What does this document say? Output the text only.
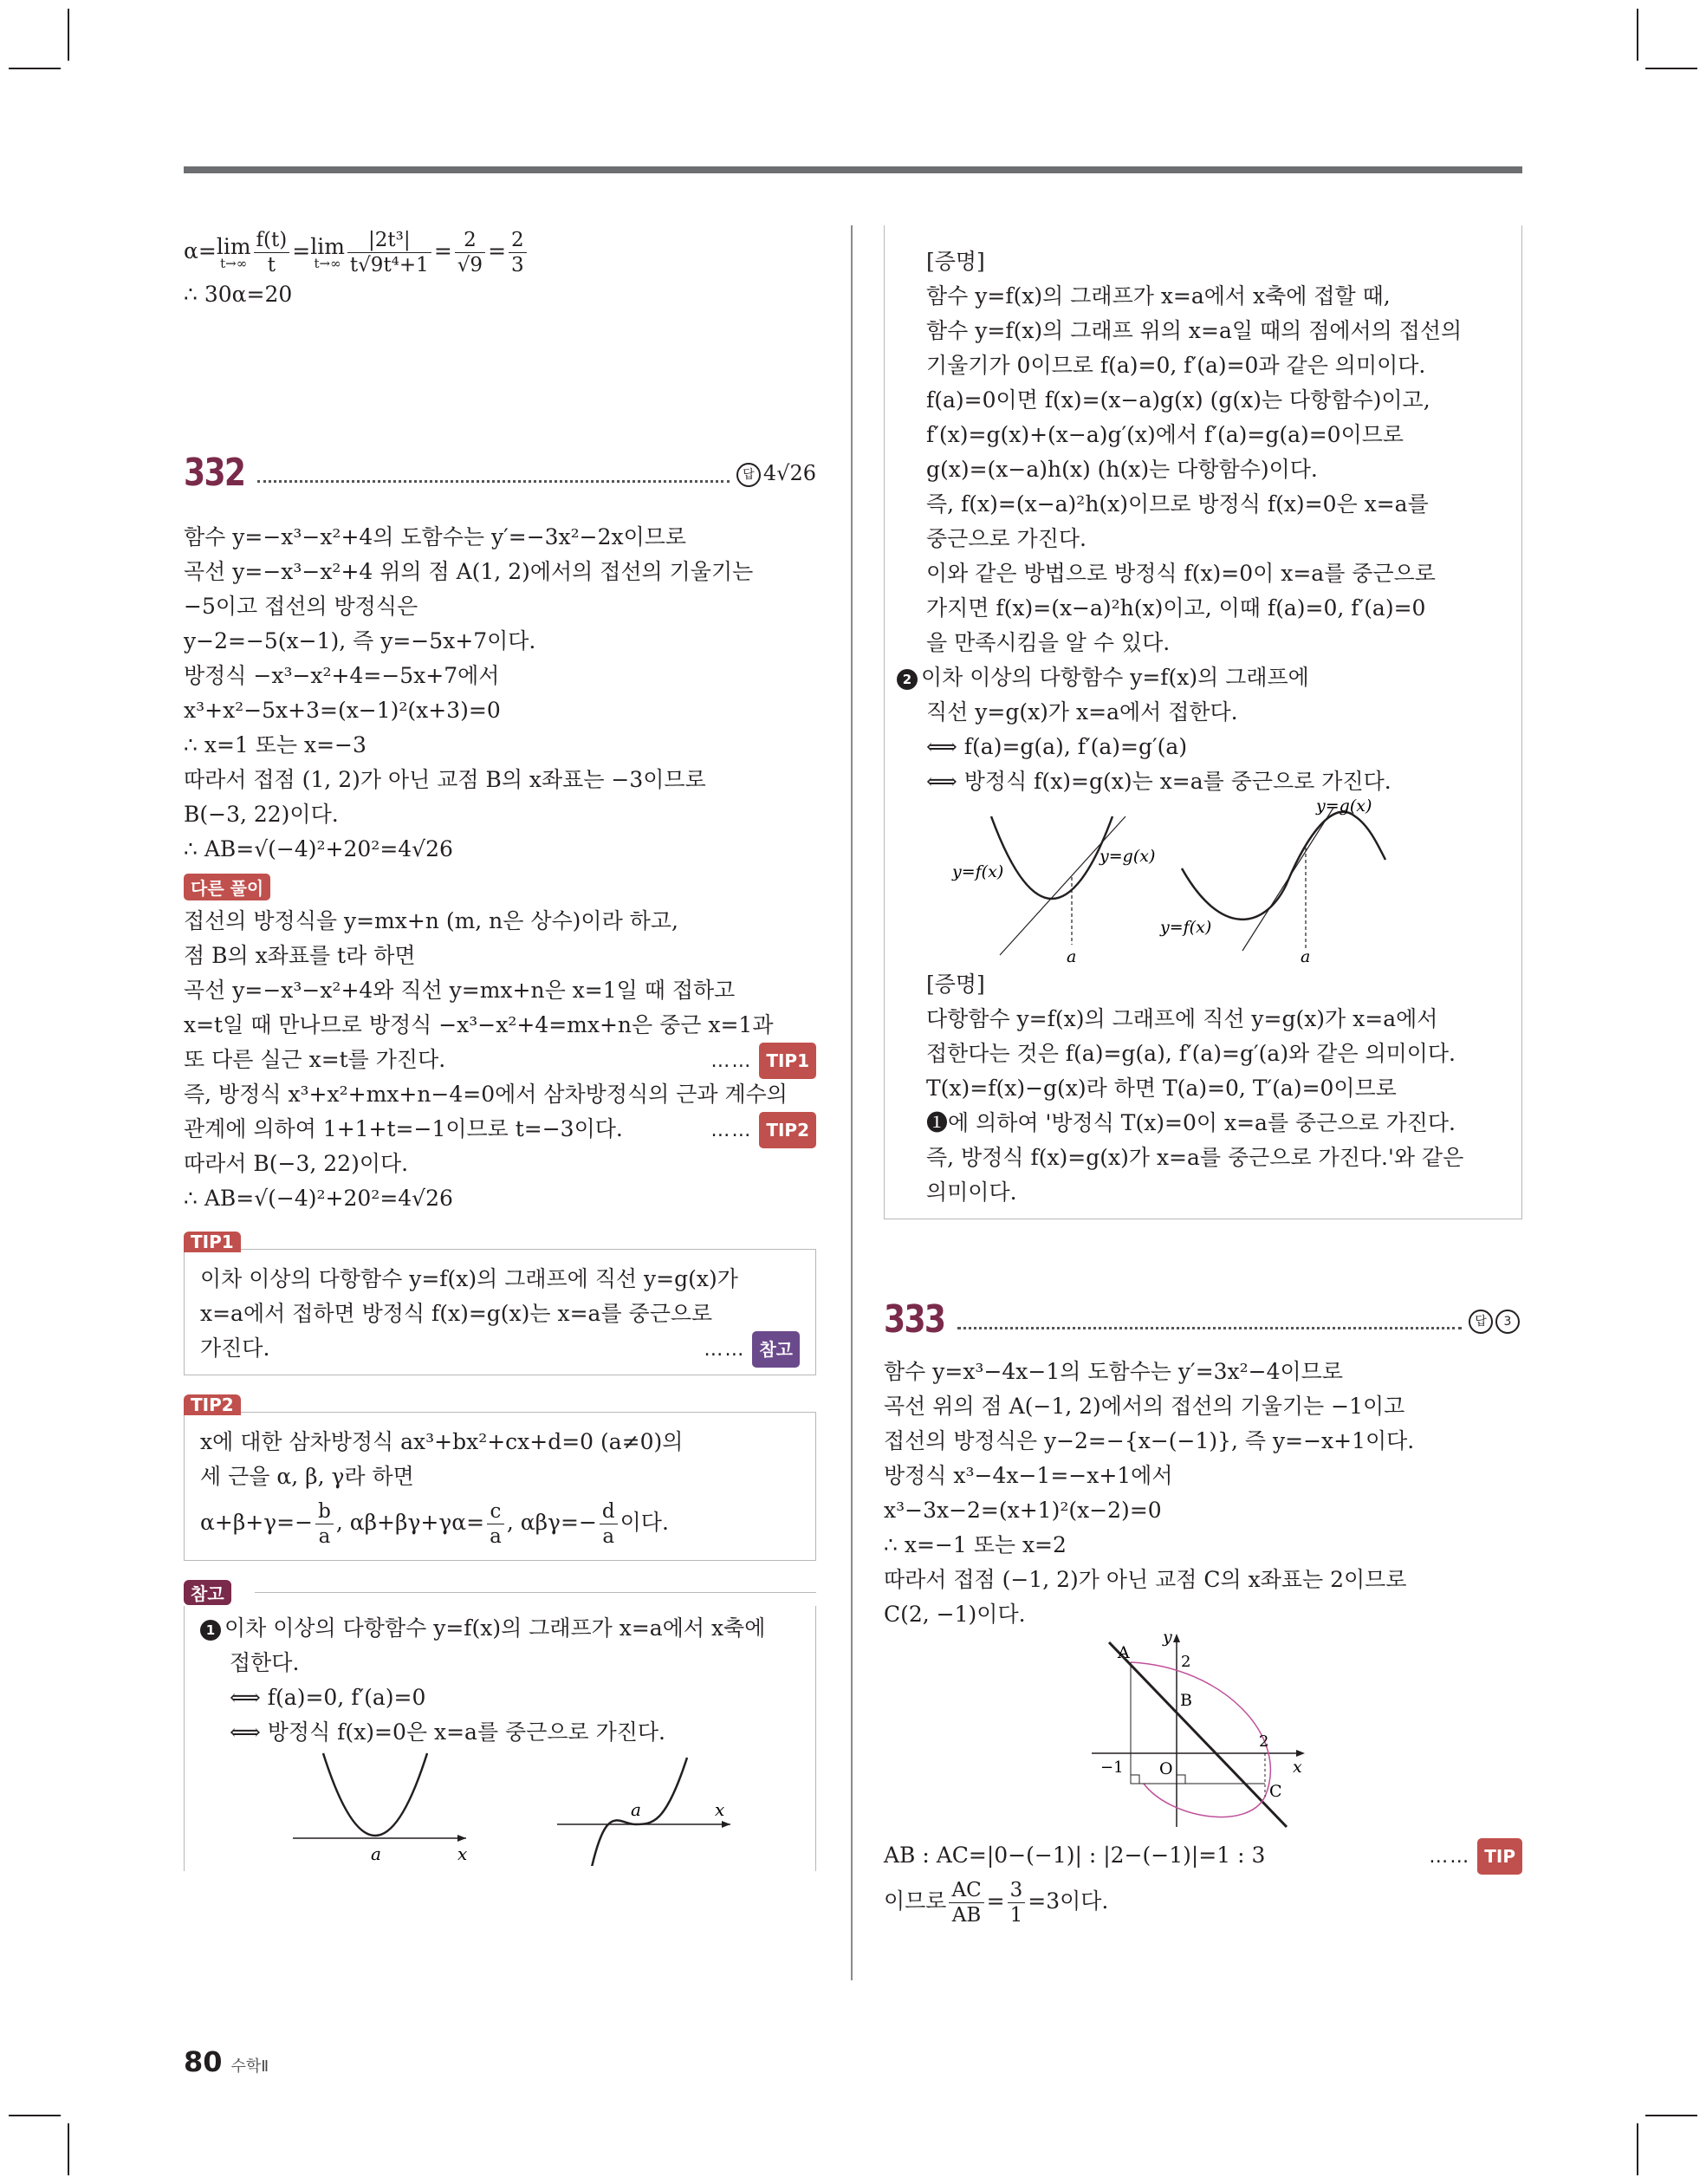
α= lim
$t\to\infty \frac{f(t)}{t} = \lim$
$t\to\infty \frac{\text{|2t³|}}{\text{t√9t⁴+1}} = \frac{2}{√9} = \frac{2}{3}$
∴ 30α=20
332	답 4√26
함수 y=−x³−x²+4의 도함수는 y′=−3x²−2x이므로
곡선 y=−x³−x²+4 위의 점 A(1, 2)에서의 접선의 기울기는
−5이고 접선의 방정식은
y−2=−5(x−1), 즉 y=−5x+7이다.
방정식 −x³−x²+4=−5x+7에서
x³+x²−5x+3=(x−1)²(x+3)=0
∴ x=1 또는 x=−3
따라서 접점 (1, 2)가 아닌 교점 B의 x좌표는 −3이므로
B(−3, 22)이다.
∴ AB=√(−4)²+20²=4√26
다른 풀이
접선의 방정식을 y=mx+n (m, n은 상수)이라 하고,
점 B의 x좌표를 t라 하면
곡선 y=−x³−x²+4와 직선 y=mx+n은 x=1일 때 접하고
x=t일 때 만나므로 방정식 −x³−x²+4=mx+n은 중근 x=1과
또 다른 실근 x=t를 가진다.	…… TIP1
즉, 방정식 x³+x²+mx+n−4=0에서 삼차방정식의 근과 계수의
관계에 의하여 1+1+t=−1이므로 t=−3이다.	…… TIP2
따라서 B(−3, 22)이다.
∴ AB=√(−4)²+20²=4√26
TIP1
이차 이상의 다항함수 y=f(x)의 그래프에 직선 y=g(x)가
x=a에서 접하면 방정식 f(x)=g(x)는 x=a를 중근으로
가진다.	…… 참고
TIP2
x에 대한 삼차방정식 ax³+bx²+cx+d=0 (a≠0)의
세 근을 α, β, γ라 하면
$\alpha+\beta+\gamma=- \frac{b}{a}$ , $\alpha\beta+\beta\gamma+\gamma\alpha= \frac{c}{a}$ , $\alpha\beta\gamma=- \frac{d}{a}$ 이다.
참고
1 이차 이상의 다항함수 y=f(x)의 그래프가 x=a에서 x축에
접한다.
⟺ f(a)=0, f′(a)=0
⟺ 방정식 f(x)=0은 x=a를 중근으로 가진다.
a	x
a	x
[증명]
함수 y=f(x)의 그래프가 x=a에서 x축에 접할 때,
함수 y=f(x)의 그래프 위의 x=a일 때의 점에서의 접선의
기울기가 0이므로 f(a)=0, f′(a)=0과 같은 의미이다.
f(a)=0이면 f(x)=(x−a)g(x) (g(x)는 다항함수)이고,
f′(x)=g(x)+(x−a)g′(x)에서 f′(a)=g(a)=0이므로
g(x)=(x−a)h(x) (h(x)는 다항함수)이다.
즉, f(x)=(x−a)²h(x)이므로 방정식 f(x)=0은 x=a를
중근으로 가진다.
이와 같은 방법으로 방정식 f(x)=0이 x=a를 중근으로
가지면 f(x)=(x−a)²h(x)이고, 이때 f(a)=0, f′(a)=0
을 만족시킴을 알 수 있다.
2 이차 이상의 다항함수 y=f(x)의 그래프에
직선 y=g(x)가 x=a에서 접한다.
⟺ f(a)=g(a), f′(a)=g′(a)
⟺ 방정식 f(x)=g(x)는 x=a를 중근으로 가진다.
y=f(x)
y=g(x)
a
y=g(x)
y=f(x)
a
[증명]
다항함수 y=f(x)의 그래프에 직선 y=g(x)가 x=a에서
접한다는 것은 f(a)=g(a), f′(a)=g′(a)와 같은 의미이다.
T(x)=f(x)−g(x)라 하면 T(a)=0, T′(a)=0이므로
❶에 의하여 '방정식 T(x)=0이 x=a를 중근으로 가진다.
즉, 방정식 f(x)=g(x)가 x=a를 중근으로 가진다.'와 같은
의미이다.
333	답 3
함수 y=x³−4x−1의 도함수는 y′=3x²−4이므로
곡선 위의 점 A(−1, 2)에서의 접선의 기울기는 −1이고
접선의 방정식은 y−2=−{x−(−1)}, 즉 y=−x+1이다.
방정식 x³−4x−1=−x+1에서
x³−3x−2=(x+1)²(x−2)=0
∴ x=−1 또는 x=2
따라서 접점 (−1, 2)가 아닌 교점 C의 x좌표는 2이므로
C(2, −1)이다.
A
B
C
O	x
y
2
2
−1
AB : AC=|0−(−1)| : |2−(−1)|=1 : 3	…… TIP
이므로 $\frac{AC}{AB} = \frac{3}{1} =3$이다.
80 수학Ⅱ
